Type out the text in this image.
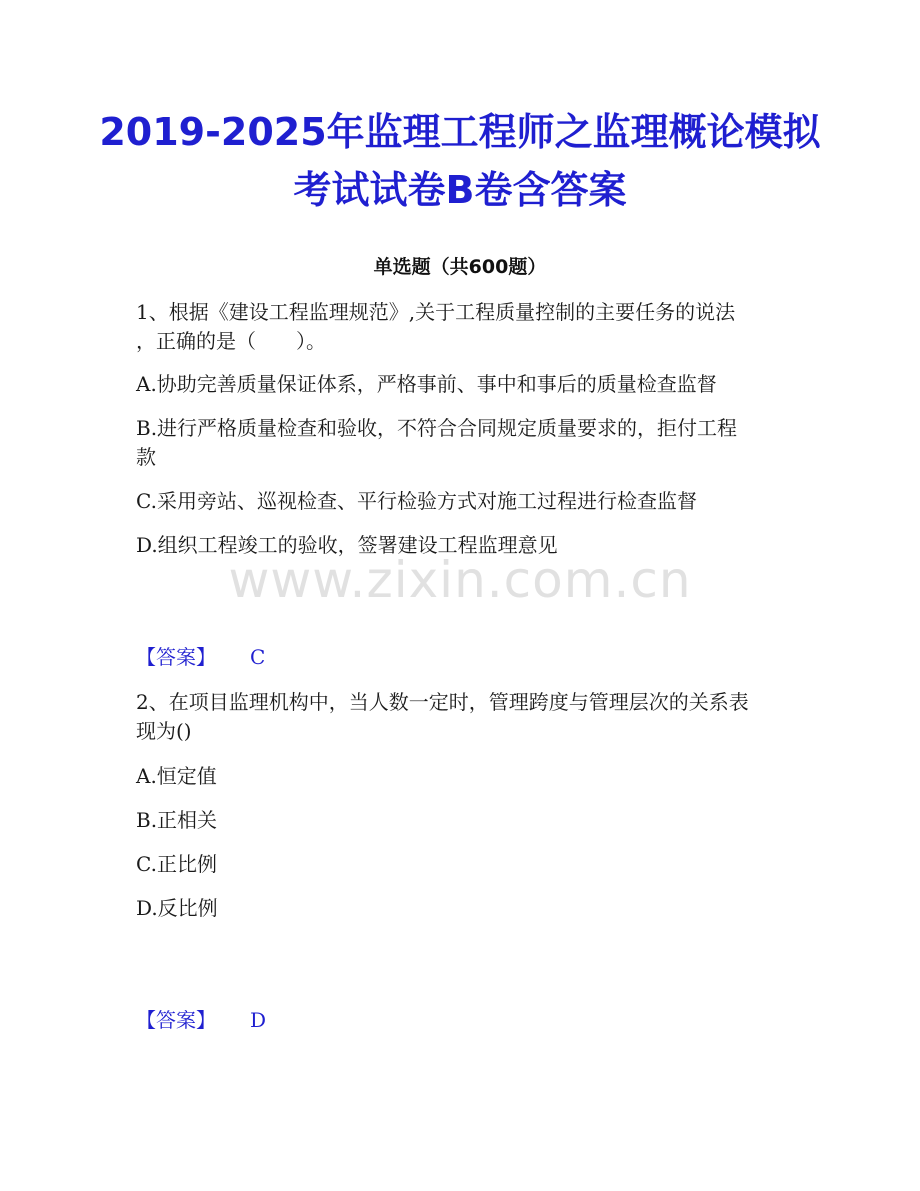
2019-2025年监理工程师之监理概论模拟
考试试卷B卷含答案
单选题（共600题）
1、根据《建设工程监理规范》,关于工程质量控制的主要任务的说法
，正确的是（　　）。
A.协助完善质量保证体系，严格事前、事中和事后的质量检查监督
B.进行严格质量检查和验收，不符合合同规定质量要求的，拒付工程
款
C.采用旁站、巡视检查、平行检验方式对施工过程进行检查监督
D.组织工程竣工的验收，签署建设工程监理意见
【答案】 C
2、在项目监理机构中，当人数一定时，管理跨度与管理层次的关系表
现为()
A.恒定值
B.正相关
C.正比例
D.反比例
【答案】 D
www.zixin.com.cn
